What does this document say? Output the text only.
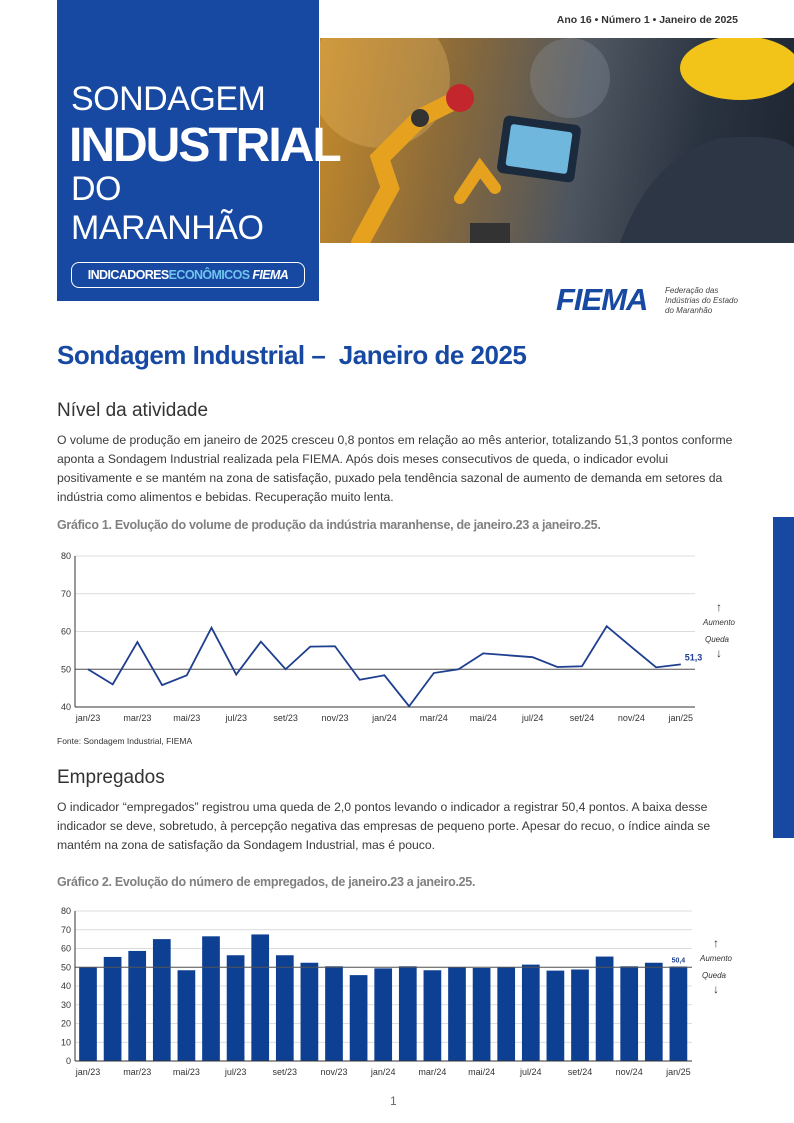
Ano 16 • Número 1 • Janeiro de 2025
SONDAGEM
INDUSTRIAL
DO MARANHÃO
INDICADORESECONÔMICOS FIEMA
FIEMA Federação das
Indústrias do Estado
do Maranhão
Sondagem Industrial –  Janeiro de 2025
Nível da atividade
O volume de produção em janeiro de 2025 cresceu 0,8 pontos em relação ao mês anterior, totalizando 51,3 pontos conforme aponta a Sondagem Industrial realizada pela FIEMA. Após dois meses consecutivos de queda, o indicador evolui positivamente e se mantém na zona de satisfação, puxado pela tendência sazonal de aumento de demanda em setores da indústria como alimentos e bebidas. Recuperação muito lenta.
Gráfico 1. Evolução do volume de produção da indústria maranhense, de janeiro.23 a janeiro.25.
40
50
60
70
80
jan/23	mar/23 mai/23	jul/23	set/23	nov/23	jan/24	mar/24 mai/24	jul/24	set/24	nov/24	jan/25
51,3
↑
Aumento
Queda
↓
Fonte: Sondagem Industrial, FIEMA
Empregados
O indicador “empregados” registrou uma queda de 2,0 pontos levando o indicador a registrar 50,4 pontos. A baixa desse indicador se deve, sobretudo, à percepção negativa das empresas de pequeno porte. Apesar do recuo, o índice ainda se mantém na zona de satisfação da Sondagem Industrial, mas é pouco.
Gráfico 2. Evolução do número de empregados, de janeiro.23 a janeiro.25.
0
10
20
30
40
50
60
70
80
jan/23	mar/23 mai/23	jul/23	set/23	nov/23	jan/24	mar/24 mai/24	jul/24	set/24	nov/24	jan/25
50,4
↑
Aumento
Queda
↓
1
